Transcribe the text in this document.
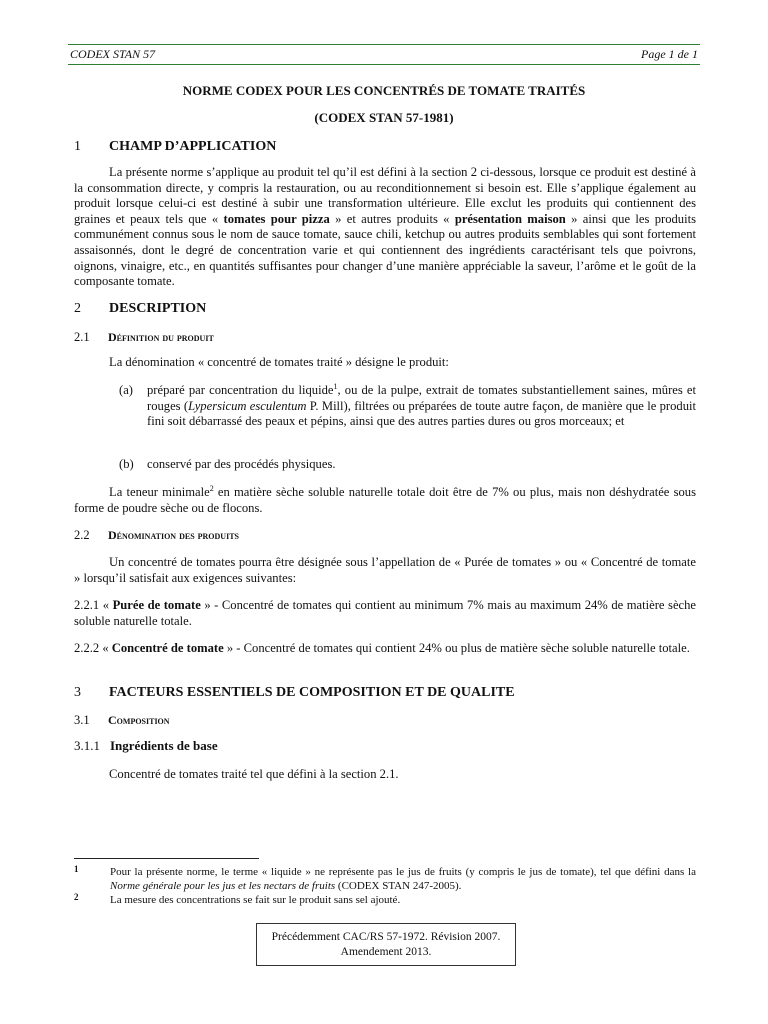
CODEX STAN 57	Page 1 de 1

NORME CODEX POUR LES CONCENTRÉS DE TOMATE TRAITÉS

(CODEX STAN 57-1981)

1 CHAMP D’APPLICATION

La présente norme s’applique au produit tel qu’il est défini à la section 2 ci-dessous, lorsque ce produit est destiné à la consommation directe, y compris la restauration, ou au reconditionnement si besoin est. Elle s’applique également au produit lorsque celui-ci est destiné à subir une transformation ultérieure. Elle exclut les produits qui contiennent des graines et peaux tels que « tomates pour pizza » et autres produits « présentation maison » ainsi que les produits communément connus sous le nom de sauce tomate, sauce chili, ketchup ou autres produits semblables qui sont fortement assaisonnés, dont le degré de concentration varie et qui contiennent des ingrédients caractérisant tels que poivrons, oignons, vinaigre, etc., en quantités suffisantes pour changer d’une manière appréciable la saveur, l’arôme et le goût de la composante tomate.

2 DESCRIPTION

2.1 Définition du produit

La dénomination « concentré de tomates traité » désigne le produit:

(a) préparé par concentration du liquide$^1$, ou de la pulpe, extrait de tomates substantiellement saines, mûres et rouges (Lypersicum esculentum P. Mill), filtrées ou préparées de toute autre façon, de manière que le produit fini soit débarrassé des peaux et pépins, ainsi que des autres parties dures ou gros morceaux; et
(b) conservé par des procédés physiques.

La teneur minimale$^2$ en matière sèche soluble naturelle totale doit être de 7% ou plus, mais non déshydratée sous forme de poudre sèche ou de flocons.

2.2 Dénomination des produits

Un concentré de tomates pourra être désignée sous l’appellation de « Purée de tomates » ou « Concentré de tomate » lorsqu’il satisfait aux exigences suivantes:

2.2.1 « Purée de tomate » - Concentré de tomates qui contient au minimum 7% mais au maximum 24% de matière sèche soluble naturelle totale.

2.2.2 « Concentré de tomate » - Concentré de tomates qui contient 24% ou plus de matière sèche soluble naturelle totale.

3 FACTEURS ESSENTIELS DE COMPOSITION ET DE QUALITE

3.1 Composition

3.1.1 Ingrédients de base

Concentré de tomates traité tel que défini à la section 2.1.

1	Pour la présente norme, le terme « liquide » ne représente pas le jus de fruits (y compris le jus de tomate), tel que défini dans la Norme générale pour les jus et les nectars de fruits (CODEX STAN 247-2005).
2	La mesure des concentrations se fait sur le produit sans sel ajouté.
Précédemment CAC/RS 57-1972. Révision 2007.
Amendement 2013.
